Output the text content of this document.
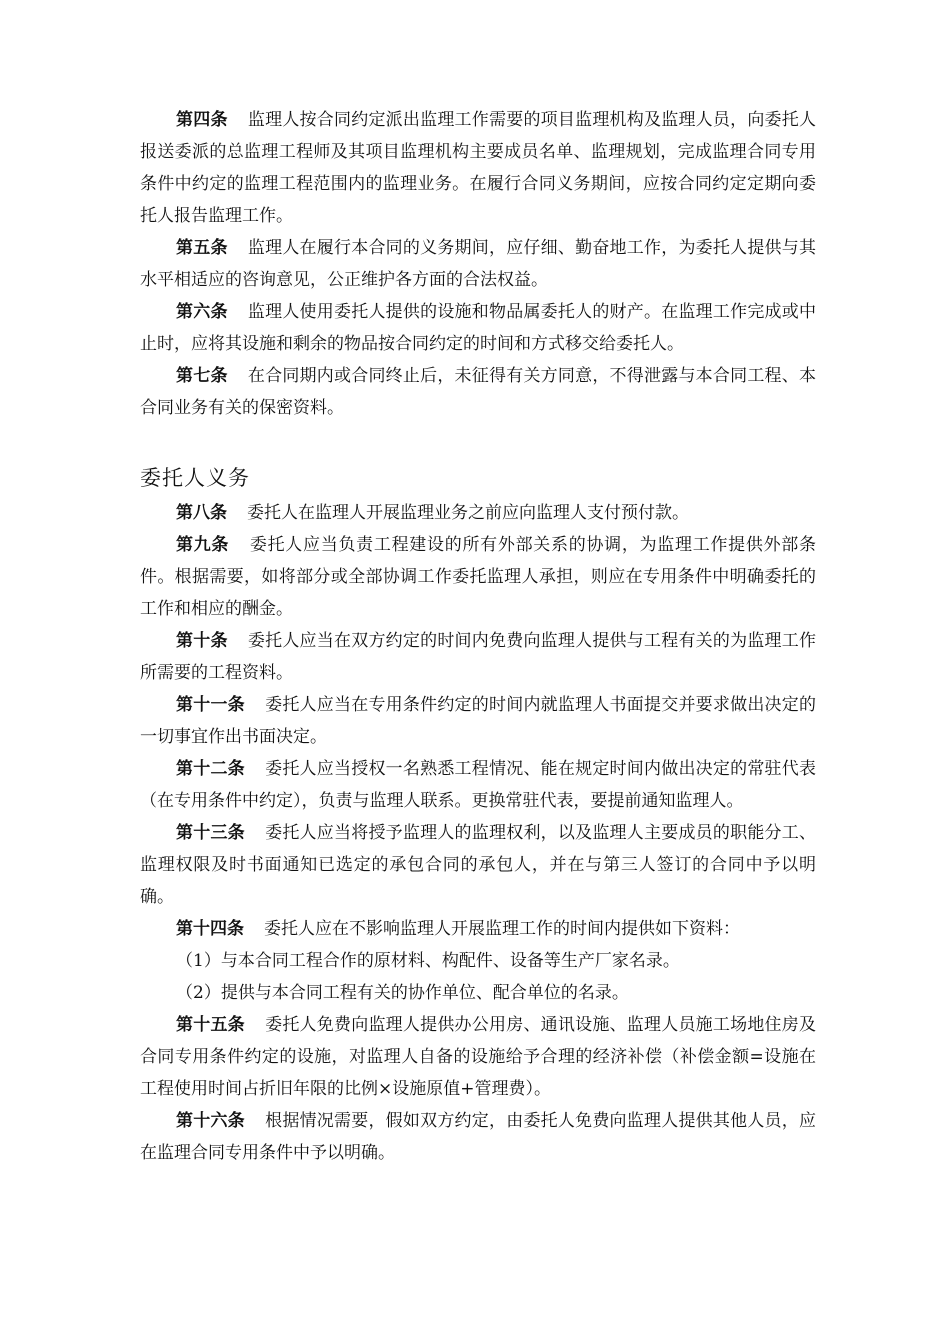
第四条 监理人按合同约定派出监理工作需要的项目监理机构及监理人员，向委托人报送委派的总监理工程师及其项目监理机构主要成员名单、监理规划，完成监理合同专用条件中约定的监理工程范围内的监理业务。在履行合同义务期间，应按合同约定定期向委托人报告监理工作。

第五条 监理人在履行本合同的义务期间，应仔细、勤奋地工作，为委托人提供与其水平相适应的咨询意见，公正维护各方面的合法权益。

第六条 监理人使用委托人提供的设施和物品属委托人的财产。在监理工作完成或中止时，应将其设施和剩余的物品按合同约定的时间和方式移交给委托人。

第七条 在合同期内或合同终止后，未征得有关方同意，不得泄露与本合同工程、本合同业务有关的保密资料。

委托人义务

第八条 委托人在监理人开展监理业务之前应向监理人支付预付款。

第九条 委托人应当负责工程建设的所有外部关系的协调，为监理工作提供外部条件。根据需要，如将部分或全部协调工作委托监理人承担，则应在专用条件中明确委托的工作和相应的酬金。

第十条 委托人应当在双方约定的时间内免费向监理人提供与工程有关的为监理工作所需要的工程资料。

第十一条 委托人应当在专用条件约定的时间内就监理人书面提交并要求做出决定的一切事宜作出书面决定。

第十二条 委托人应当授权一名熟悉工程情况、能在规定时间内做出决定的常驻代表（在专用条件中约定），负责与监理人联系。更换常驻代表，要提前通知监理人。

第十三条 委托人应当将授予监理人的监理权利，以及监理人主要成员的职能分工、监理权限及时书面通知已选定的承包合同的承包人，并在与第三人签订的合同中予以明确。

第十四条 委托人应在不影响监理人开展监理工作的时间内提供如下资料：

（1）与本合同工程合作的原材料、构配件、设备等生产厂家名录。

（2）提供与本合同工程有关的协作单位、配合单位的名录。

第十五条 委托人免费向监理人提供办公用房、通讯设施、监理人员施工场地住房及合同专用条件约定的设施，对监理人自备的设施给予合理的经济补偿（补偿金额=设施在工程使用时间占折旧年限的比例×设施原值+管理费）。

第十六条 根据情况需要，假如双方约定，由委托人免费向监理人提供其他人员，应在监理合同专用条件中予以明确。
